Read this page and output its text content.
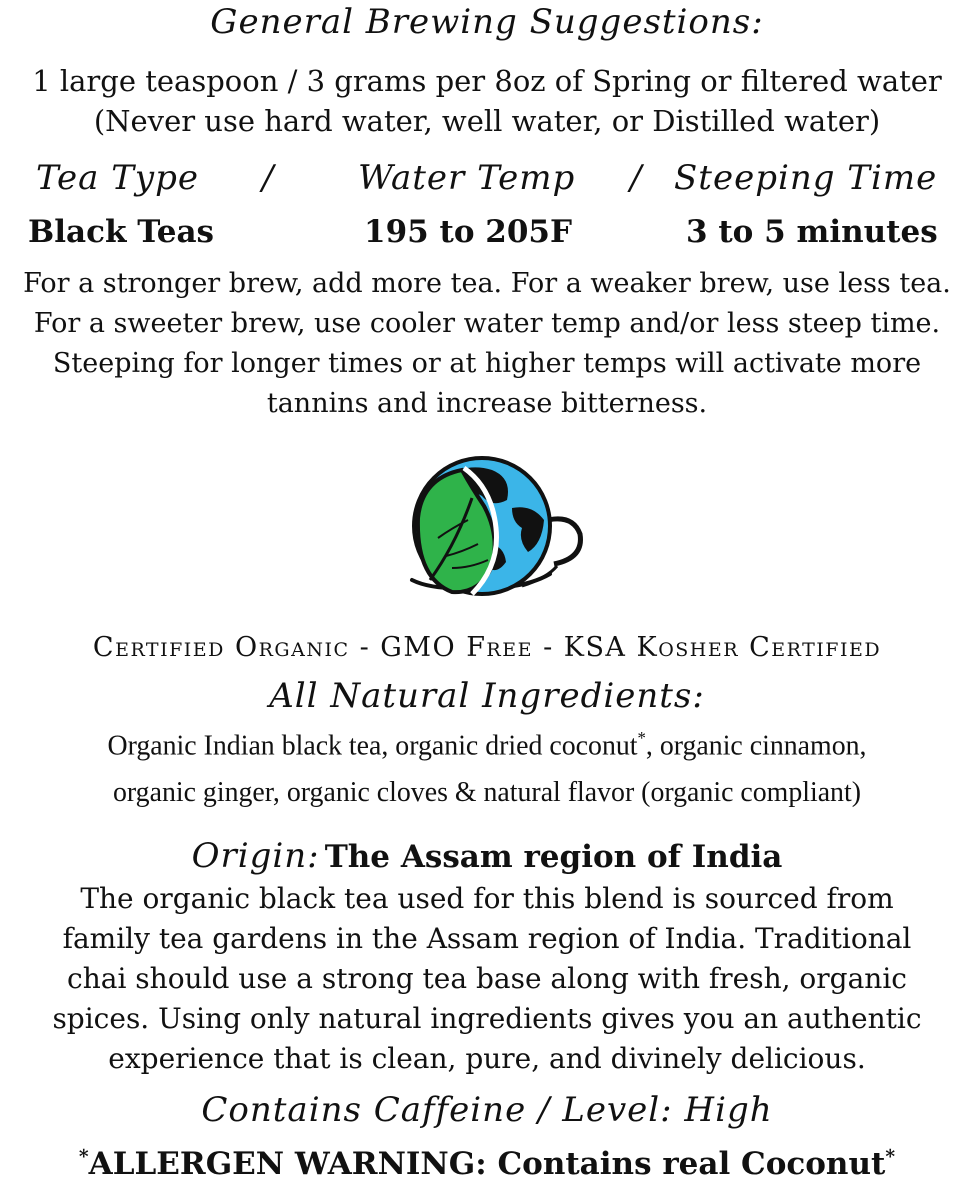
General Brewing Suggestions:
1 large teaspoon / 3 grams per 8oz of Spring or filtered water
(Never use hard water, well water, or Distilled water)
Tea Type / Water Temp / Steeping Time
Black Teas	195 to 205F	3 to 5 minutes
For a stronger brew, add more tea. For a weaker brew, use less tea.
For a sweeter brew, use cooler water temp and/or less steep time.
Steeping for longer times or at higher temps will activate more
tannins and increase bitterness.
Certified Organic - GMO Free - KSA Kosher Certified
All Natural Ingredients:
Organic Indian black tea, organic dried coconut*, organic cinnamon,
organic ginger, organic cloves & natural flavor (organic compliant)
Origin: The Assam region of India
The organic black tea used for this blend is sourced from
family tea gardens in the Assam region of India. Traditional
chai should use a strong tea base along with fresh, organic
spices. Using only natural ingredients gives you an authentic
experience that is clean, pure, and divinely delicious.
Contains Caffeine / Level: High
*ALLERGEN WARNING: Contains real Coconut*
